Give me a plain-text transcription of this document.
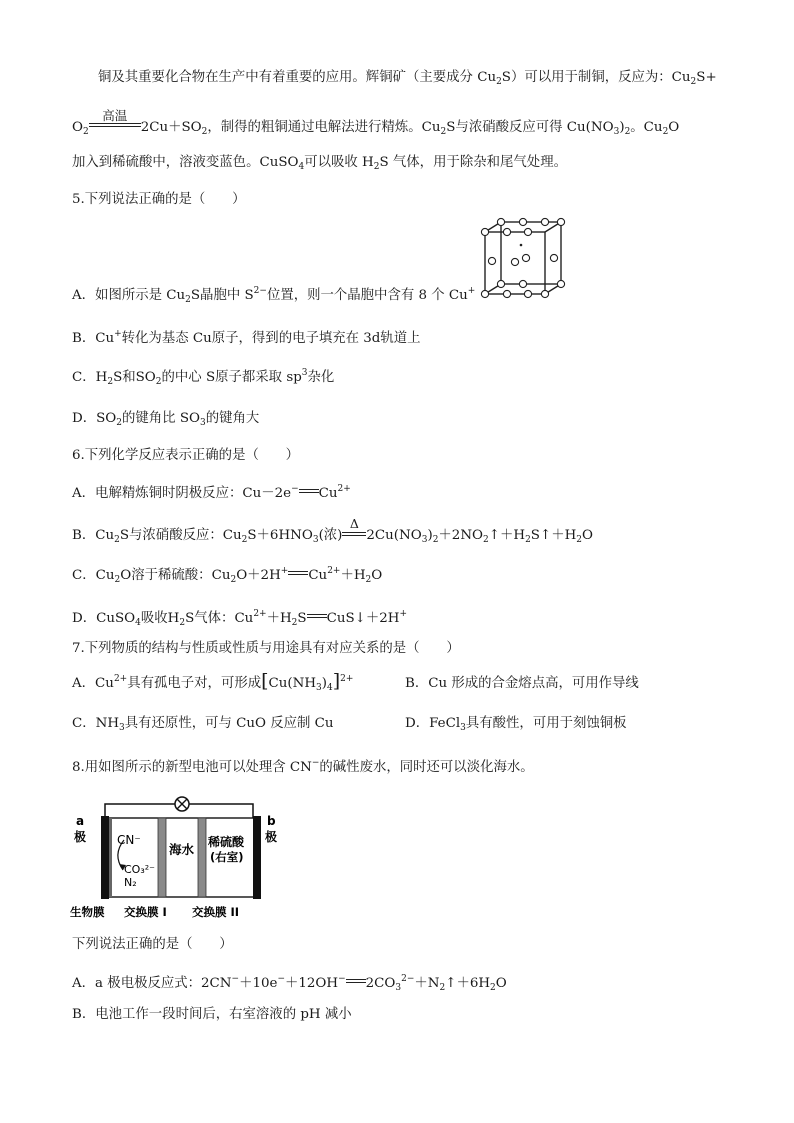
铜及其重要化合物在生产中有着重要的应用。辉铜矿（主要成分 $Cu_2S$）可以用于制铜，反应为：$Cu_2S+$
$O_2$
高温
$2Cu+SO_2$，制得的粗铜通过电解法进行精炼。$Cu_2S$与浓硝酸反应可得 $Cu(NO_3)_2$。$Cu_2O$
加入到稀硫酸中，溶液变蓝色。CuSO$_4$可以吸收 $H_2S$ 气体，用于除杂和尾气处理。
5.下列说法正确的是（　　）
A．如图所示是 $Cu_2S$晶胞中 $S^{2-}$位置，则一个晶胞中含有 8 个 Cu+
B．Cu+转化为基态 Cu原子，得到的电子填充在 3d轨道上
C．$H_2S$和$SO_2$的中心 S原子都采取 $sp^3$杂化
D．$SO_2$的键角比 $SO_3$的键角大
6.下列化学反应表示正确的是（　　）
A．电解精炼铜时阴极反应：Cu－2e− $Cu^{2+}$
B．$Cu_2S$与浓硝酸反应：$Cu_2S+6HNO_3$(浓)
Δ
$2Cu(NO_3)_2+2NO_2↑+H_2S↑+H_2O$
C．$Cu_2O$溶于稀硫酸：$Cu_2O+2H^+$ $Cu^{2+}+H_2O$
D．CuSO$_4$吸收$H_2S$气体：$Cu^{2+}+H_2S$ CuS↓＋2H+
7.下列物质的结构与性质或性质与用途具有对应关系的是（　　）
A．$Cu^{2+}$具有孤电子对，可形成$[Cu(NH_3)_4]^{2+}$	B．Cu 形成的合金熔点高，可用作导线
C．$NH_3$具有还原性，可与 CuO 反应制 Cu	D．FeCl$_3$具有酸性，可用于刻蚀铜板
8.用如图所示的新型电池可以处理含 CN−的碱性废水，同时还可以淡化海水。
a
极
b
极
CN⁻
CO₃²⁻
N₂
海水 稀硫酸
(右室)
生物膜 交换膜 I 交换膜 II
下列说法正确的是（　　）
A．a 极电极反应式：2CN−＋10e−＋12OH− $2CO_3^{2-}+N_2↑+6H_2O$
B．电池工作一段时间后，右室溶液的 pH 减小
